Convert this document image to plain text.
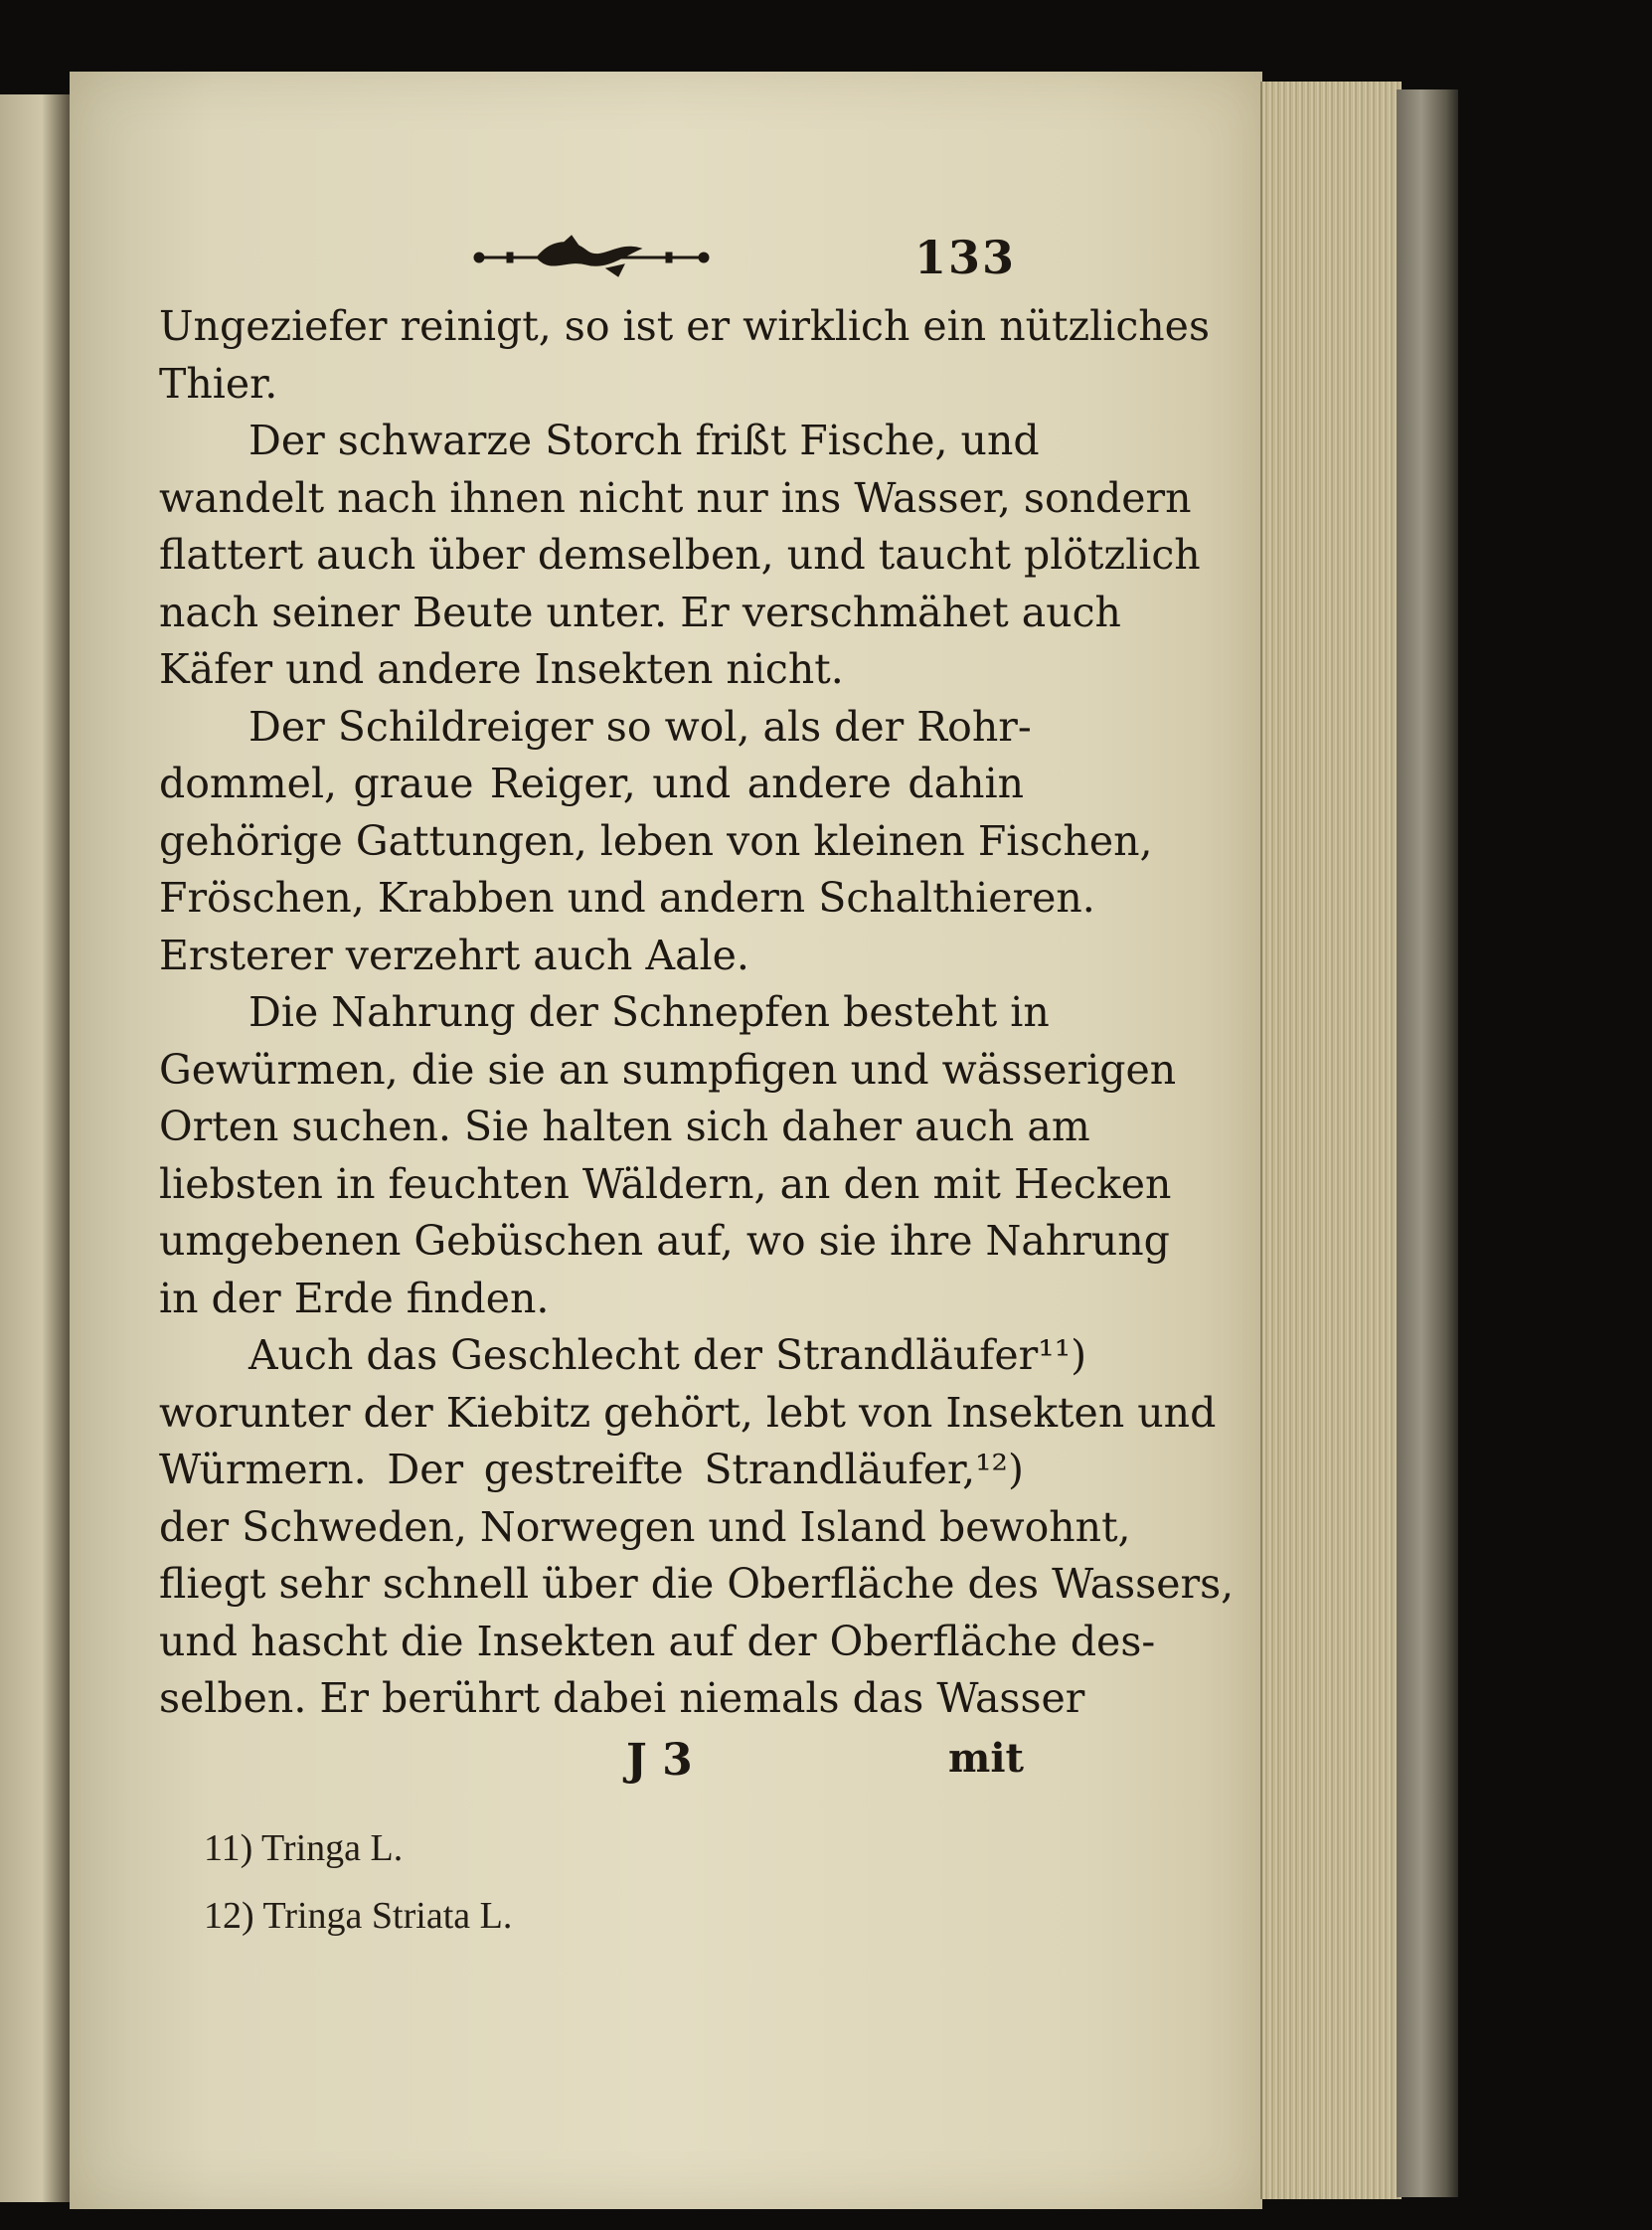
133
Ungeziefer reinigt, so ist er wirklich ein nützliches
Thier.
Der schwarze Storch frißt Fische, und
wandelt nach ihnen nicht nur ins Wasser, sondern
flattert auch über demselben, und taucht plötzlich
nach seiner Beute unter. Er verschmähet auch
Käfer und andere Insekten nicht.
Der Schildreiger so wol, als der Rohr-
dommel, graue Reiger, und andere dahin
gehörige Gattungen, leben von kleinen Fischen,
Fröschen, Krabben und andern Schalthieren.
Ersterer verzehrt auch Aale.
Die Nahrung der Schnepfen besteht in
Gewürmen, die sie an sumpfigen und wässerigen
Orten suchen. Sie halten sich daher auch am
liebsten in feuchten Wäldern, an den mit Hecken
umgebenen Gebüschen auf, wo sie ihre Nahrung
in der Erde finden.
Auch das Geschlecht der Strandläufer¹¹)
worunter der Kiebitz gehört, lebt von Insekten und
Würmern. Der gestreifte Strandläufer,¹²)
der Schweden, Norwegen und Island bewohnt,
fliegt sehr schnell über die Oberfläche des Wassers,
und hascht die Insekten auf der Oberfläche des-
selben. Er berührt dabei niemals das Wasser
J 3	mit
11) Tringa L.
12) Tringa Striata L.
